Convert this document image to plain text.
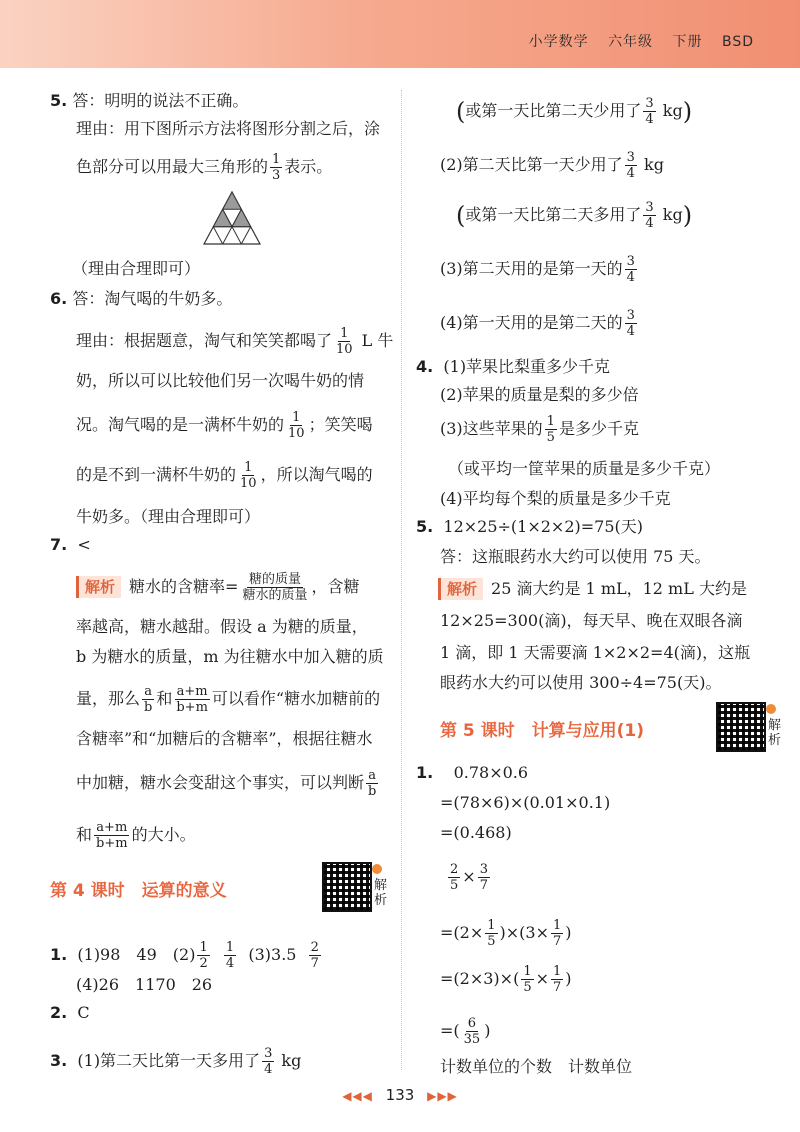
小学数学 六年级 下册 BSD
5. 答：明明的说法不正确。
理由：用下图所示方法将图形分割之后，涂
色部分可以用最大三角形的 $\frac{1}{3}$ 表示。
（理由合理即可）
6. 答：淘气喝的牛奶多。
理由：根据题意，淘气和笑笑都喝了 $\frac{1}{10}$ L 牛
奶，所以可以比较他们另一次喝牛奶的情
况。淘气喝的是一满杯牛奶的 $\frac{1}{10}$ ；笑笑喝
的是不到一满杯牛奶的 $\frac{1}{10}$ ，所以淘气喝的
牛奶多。（理由合理即可）
7. <
解析 糖水的含糖率= $\frac{\text{糖的质量}}{\text{糖水的质量}}$ ，含糖
率越高，糖水越甜。假设 a 为糖的质量，
b 为糖水的质量，m 为往糖水中加入糖的质
量，那么 $\frac{a}{b}$ 和 $\frac{a+m}{b+m}$ 可以看作“糖水加糖前的
含糖率”和“加糖后的含糖率”，根据往糖水
中加糖，糖水会变甜这个事实，可以判断 $\frac{a}{b}$
和 $\frac{a+m}{b+m}$ 的大小。
第 4 课时　运算的意义	解析
1. (1)98　49　$(2) \frac{1}{2}$
$\frac{1}{4} (3)3.5 \frac{2}{7}$
(4)26　1170　26
2. C
3. (1)第二天比第一天多用了 $\frac{3}{4}$ kg
(或第一天比第二天少用了 $\frac{3}{4} kg$)
(2)第二天比第一天少用了 $\frac{3}{4}$ kg
(或第一天比第二天多用了 $\frac{3}{4} kg$)
(3)第二天用的是第一天的 $\frac{3}{4}$
(4)第一天用的是第二天的 $\frac{3}{4}$
4. (1)苹果比梨重多少千克
(2)苹果的质量是梨的多少倍
(3)这些苹果的 $\frac{1}{5}$ 是多少千克
（或平均一筐苹果的质量是多少千克）
(4)平均每个梨的质量是多少千克
5. 12×25÷(1×2×2)=75(天)
答：这瓶眼药水大约可以使用 75 天。
解析 25 滴大约是 1 mL，12 mL 大约是
12×25=300(滴)，每天早、晚在双眼各滴
1 滴，即 1 天需要滴 1×2×2=4(滴)，这瓶
眼药水大约可以使用 300÷4=75(天)。
第 5 课时　计算与应用(1)	解析
1. 0.78×0.6
=(78×6)×(0.01×0.1)
=(0.468)
$\frac{2}{5} \times \frac{3}{7}$
$=(2\times \frac{1}{5} )\times(3\times \frac{1}{7}$ )
$=(2\times 3)\times( \frac{1}{5} \times \frac{1}{7}$ )
=( $\frac{6}{35}$ )
计数单位的个数　计数单位
◀◀◀ 133 ▶▶▶
